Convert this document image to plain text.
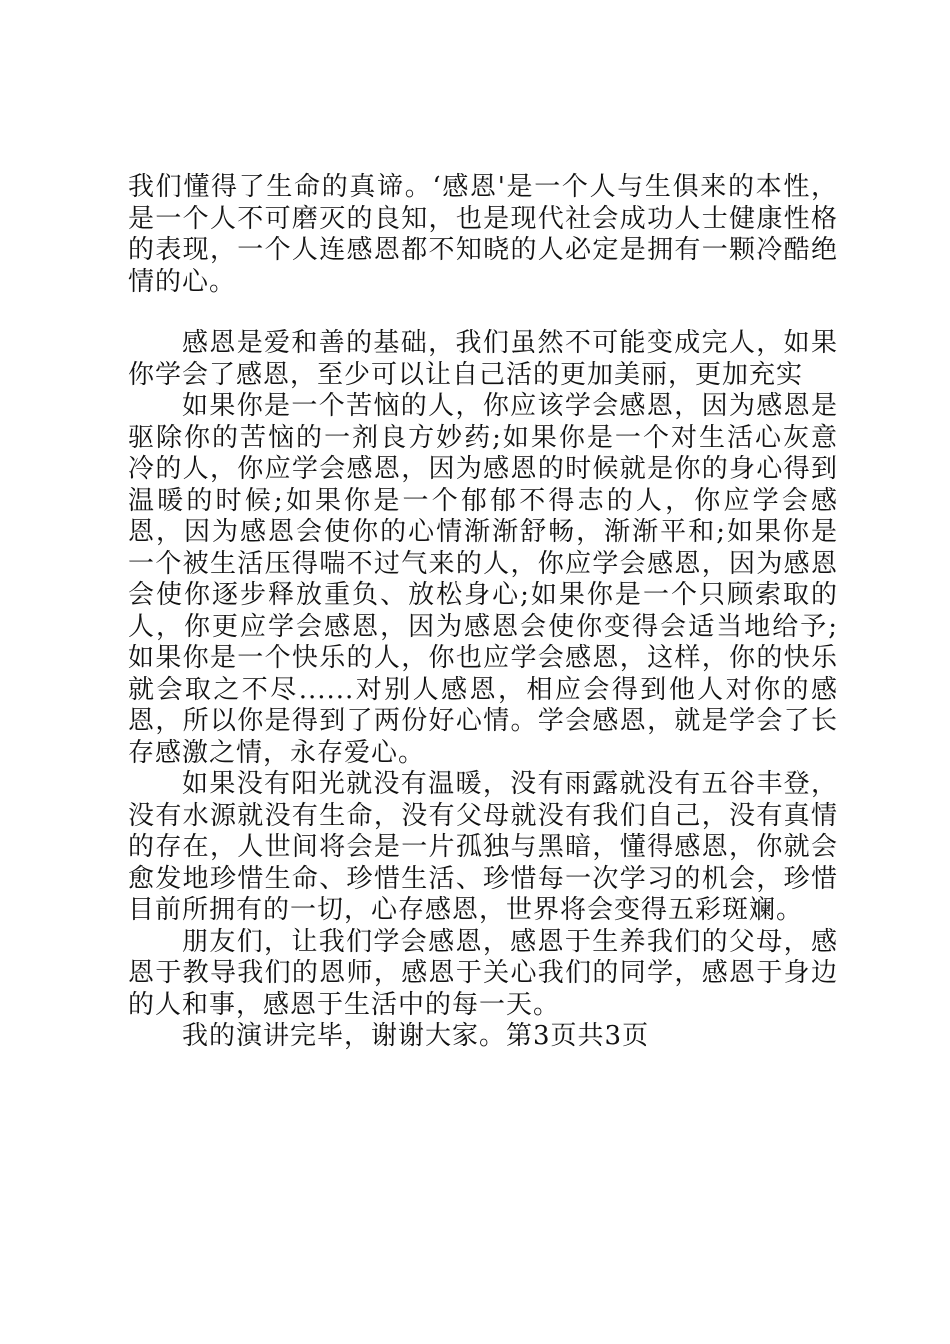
我们懂得了生命的真谛。‘感恩'是一个人与生俱来的本性，是一个人不可磨灭的良知，也是现代社会成功人士健康性格的表现，一个人连感恩都不知晓的人必定是拥有一颗冷酷绝情的心。

感恩是爱和善的基础，我们虽然不可能变成完人，如果你学会了感恩，至少可以让自己活的更加美丽，更加充实

如果你是一个苦恼的人，你应该学会感恩，因为感恩是驱除你的苦恼的一剂良方妙药;如果你是一个对生活心灰意冷的人，你应学会感恩，因为感恩的时候就是你的身心得到温暖的时候;如果你是一个郁郁不得志的人，你应学会感恩，因为感恩会使你的心情渐渐舒畅，渐渐平和;如果你是一个被生活压得喘不过气来的人，你应学会感恩，因为感恩会使你逐步释放重负、放松身心;如果你是一个只顾索取的人，你更应学会感恩，因为感恩会使你变得会适当地给予;如果你是一个快乐的人，你也应学会感恩，这样，你的快乐就会取之不尽......对别人感恩，相应会得到他人对你的感恩，所以你是得到了两份好心情。学会感恩，就是学会了长存感激之情，永存爱心。

如果没有阳光就没有温暖，没有雨露就没有五谷丰登，没有水源就没有生命，没有父母就没有我们自己，没有真情的存在，人世间将会是一片孤独与黑暗，懂得感恩，你就会愈发地珍惜生命、珍惜生活、珍惜每一次学习的机会，珍惜目前所拥有的一切，心存感恩，世界将会变得五彩斑斓。

朋友们，让我们学会感恩，感恩于生养我们的父母，感恩于教导我们的恩师，感恩于关心我们的同学，感恩于身边的人和事，感恩于生活中的每一天。

我的演讲完毕，谢谢大家。第3页共3页
